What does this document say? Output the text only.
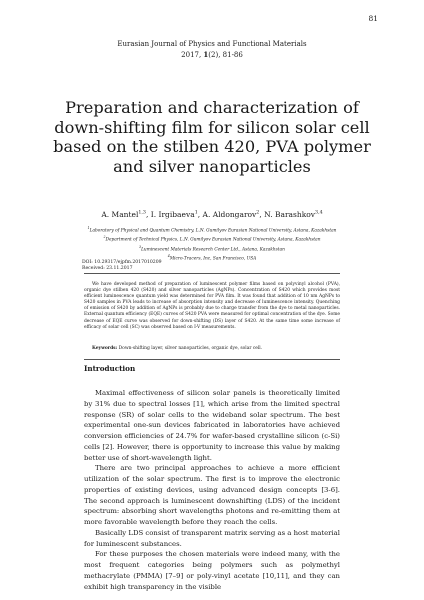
81
Eurasian Journal of Physics and Functional Materials
2017, 1(2), 81-86
Preparation and characterization of down-shifting film for silicon solar cell based on the stilben 420, PVA polymer and silver nanoparticles
A. Mantel$^{1,3}$, I. Irgibaeva$^1$, A. Aldongarov$^2$, N. Barashkov$^{3,4}$
$^1$Laboratory of Physical and Quantum Chemistry, L.N. Gumilyov Eurasian National University, Astana, Kazakhstan
$^2$Department of Technical Physics, L.N. Gumilyov Eurasian National University, Astana, Kazakhstan
$^3$Luminescent Materials Research Center Ltd., Astana, Kazakhstan
$^4$Micro-Tracers, Inc, San Francisco, USA
DOI: 10.29317/ejpfm.2017010209
Received: 23.11.2017

We have developed method of preparation of luminescent polymer films based on polyvinyl alcohol (PVA), organic dye stilben 420 (S420) and silver nanoparticles (AgNPs). Concentration of S420 which provides most efficient luminescence quantum yield was determined for PVA film. It was found that addition of 10 nm AgNPs to S420 samples in PVA leads to increase of absorption intensity and decrease of luminescence intensity. Quenching of emission of S420 by addition of AgNPs is probably due to charge transfer from the dye to metal nanoparticles. External quantum efficiency (EQE) curves of S420 PVA were measured for optimal concentration of the dye. Some decrease of EQE curve was observed for down-shifting (DS) layer of S420. At the same time some increase of efficacy of solar cell (SC) was observed based on I-V measurements.

Keywords: Down-shifting layer, silver nanoparticles, organic dye, solar cell.
Introduction

Maximal effectiveness of silicon solar panels is theoretically limited by 31% due to spectral losses [1], which arise from the limited spectral response (SR) of solar cells to the wideband solar spectrum. The best experimental one-sun devices fabricated in laboratories have achieved conversion efficiencies of 24.7% for wafer-based crystalline silicon (c-Si) cells [2]. However, there is opportunity to increase this value by making better use of short-wavelength light.

There are two principal approaches to achieve a more efficient utilization of the solar spectrum. The first is to improve the electronic properties of existing devices, using advanced design concepts [3-6]. The second approach is luminescent downshifting (LDS) of the incident spectrum: absorbing short wavelengths photons and re-emitting them at more favorable wavelength before they reach the cells.

Basically LDS consist of transparent matrix serving as a host material for luminescent substances.

For these purposes the chosen materials were indeed many, with the most frequent categories being polymers such as polymethyl methacrylate (PMMA) [7–9] or poly-vinyl acetate [10,11], and they can exhibit high transparency in the visible
